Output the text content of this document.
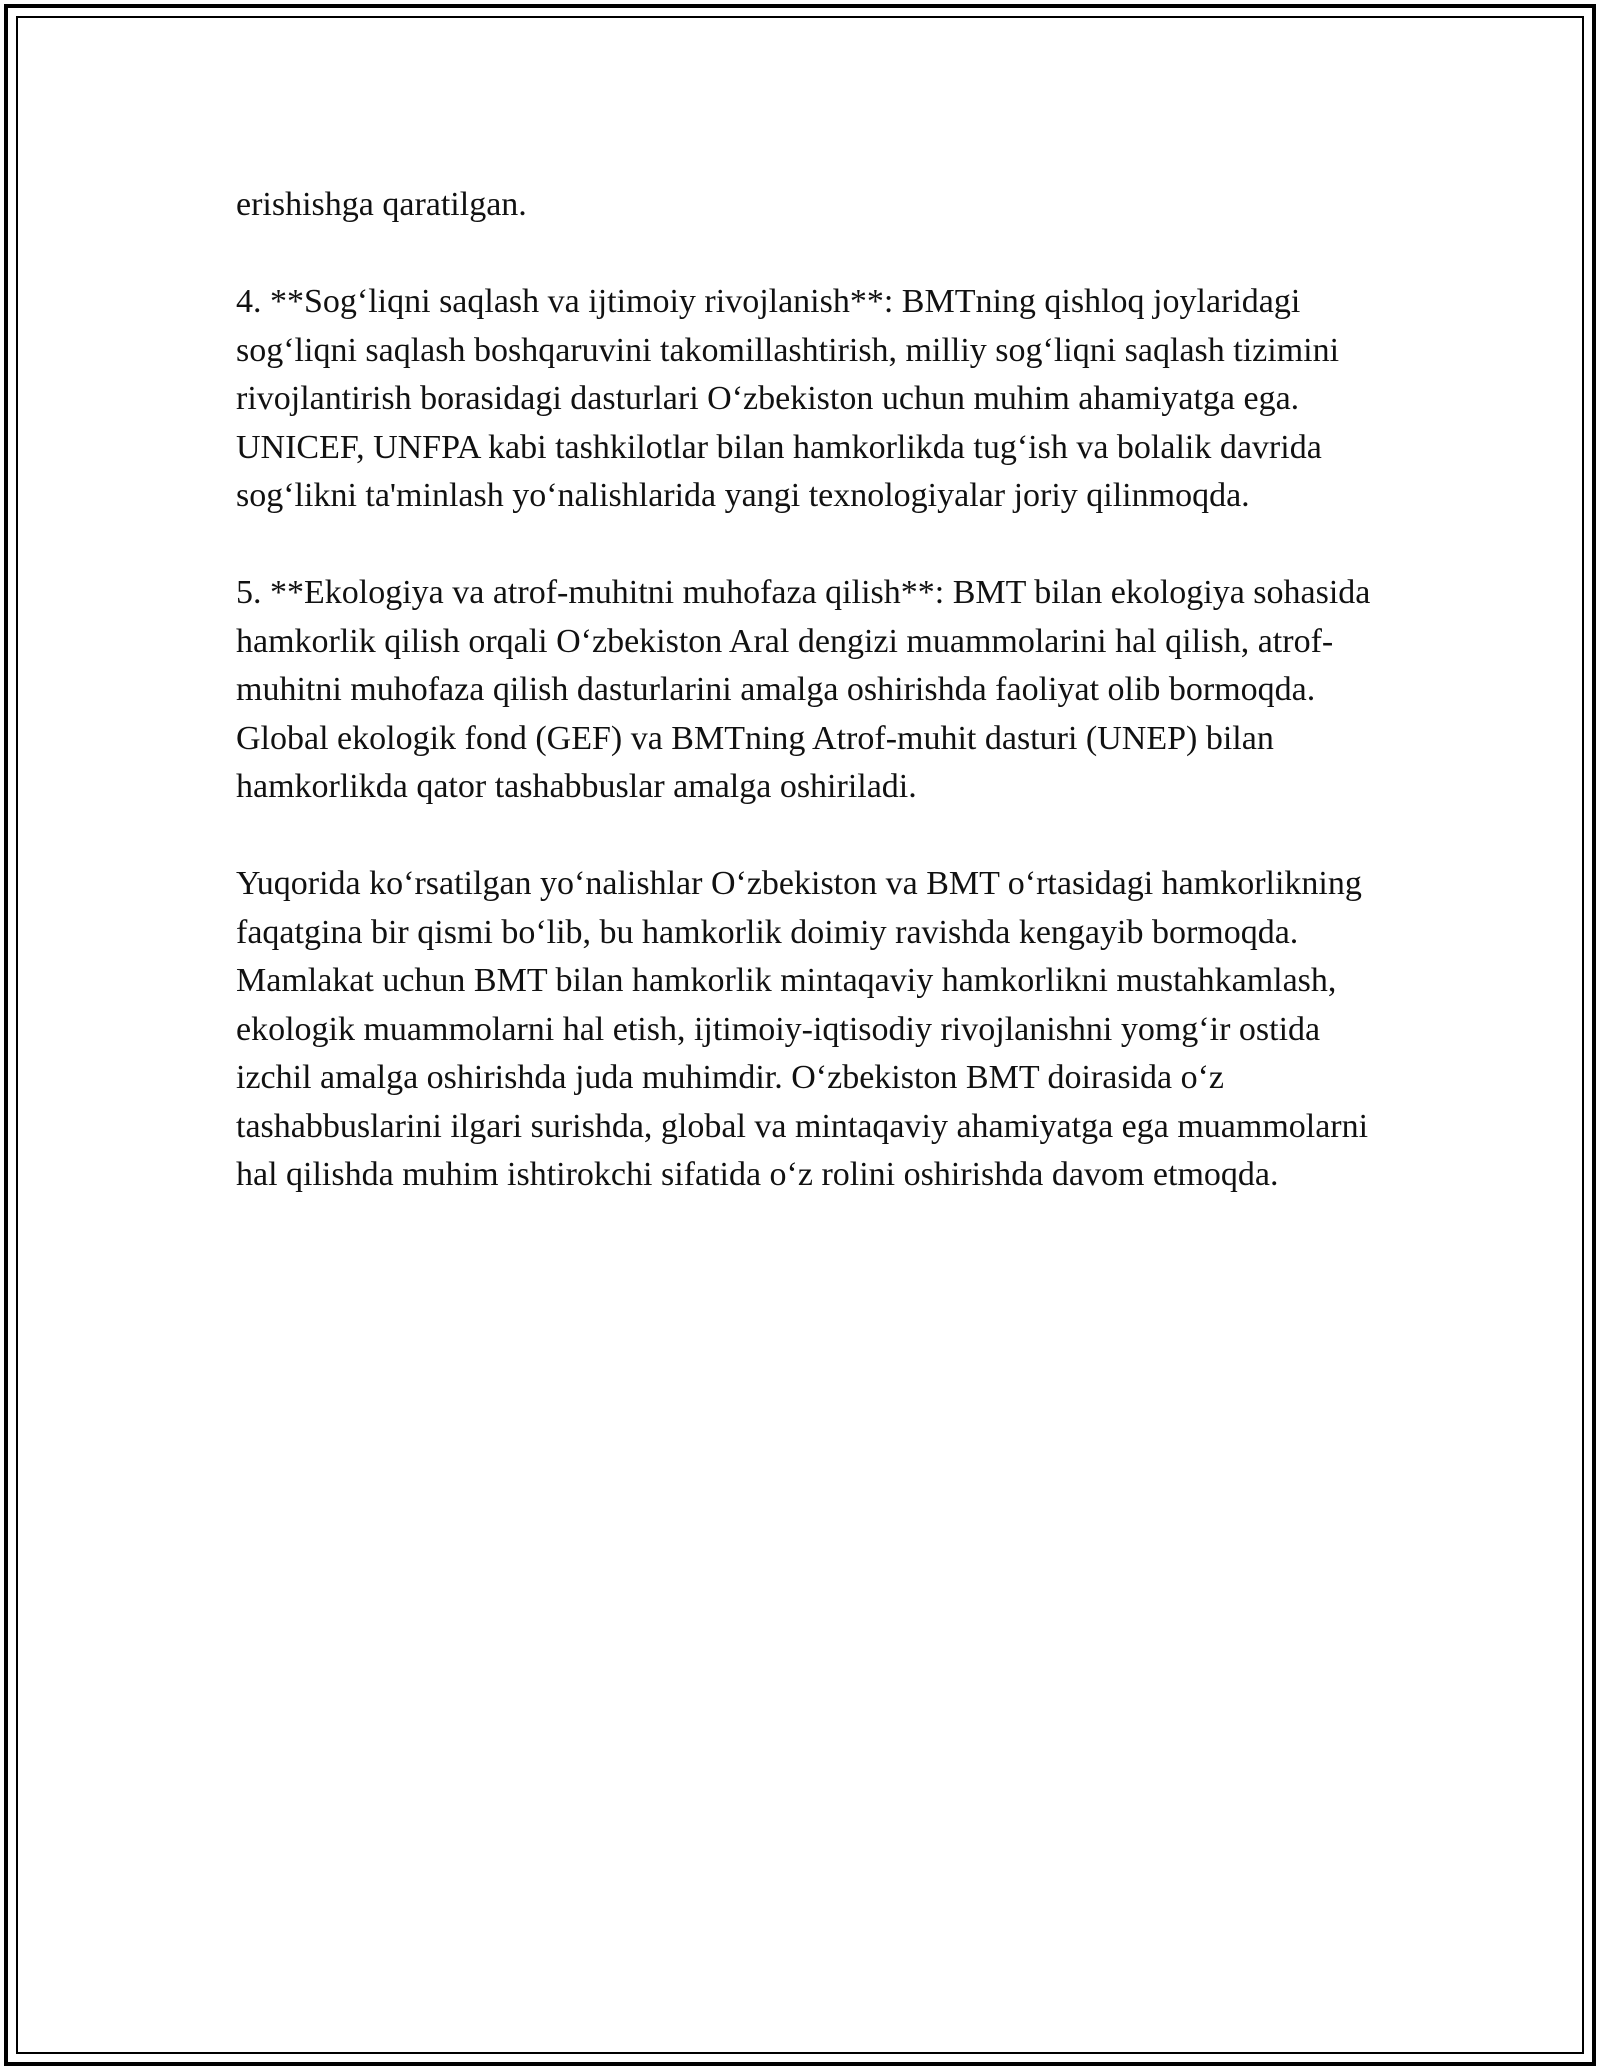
erishishga qaratilgan.

4. **Sog‘liqni saqlash va ijtimoiy rivojlanish**: BMTning qishloq joylaridagi sog‘liqni saqlash boshqaruvini takomillashtirish, milliy sog‘liqni saqlash tizimini rivojlantirish borasidagi dasturlari O‘zbekiston uchun muhim ahamiyatga ega. UNICEF, UNFPA kabi tashkilotlar bilan hamkorlikda tug‘ish va bolalik davrida sog‘likni ta'minlash yo‘nalishlarida yangi texnologiyalar joriy qilinmoqda.

5. **Ekologiya va atrof-muhitni muhofaza qilish**: BMT bilan ekologiya sohasida hamkorlik qilish orqali O‘zbekiston Aral dengizi muammolarini hal qilish, atrof-muhitni muhofaza qilish dasturlarini amalga oshirishda faoliyat olib bormoqda. Global ekologik fond (GEF) va BMTning Atrof-muhit dasturi (UNEP) bilan hamkorlikda qator tashabbuslar amalga oshiriladi.

Yuqorida ko‘rsatilgan yo‘nalishlar O‘zbekiston va BMT o‘rtasidagi hamkorlikning faqatgina bir qismi bo‘lib, bu hamkorlik doimiy ravishda kengayib bormoqda. Mamlakat uchun BMT bilan hamkorlik mintaqaviy hamkorlikni mustahkamlash, ekologik muammolarni hal etish, ijtimoiy-iqtisodiy rivojlanishni yomg‘ir ostida izchil amalga oshirishda juda muhimdir. O‘zbekiston BMT doirasida o‘z tashabbuslarini ilgari surishda, global va mintaqaviy ahamiyatga ega muammolarni hal qilishda muhim ishtirokchi sifatida o‘z rolini oshirishda davom etmoqda.
